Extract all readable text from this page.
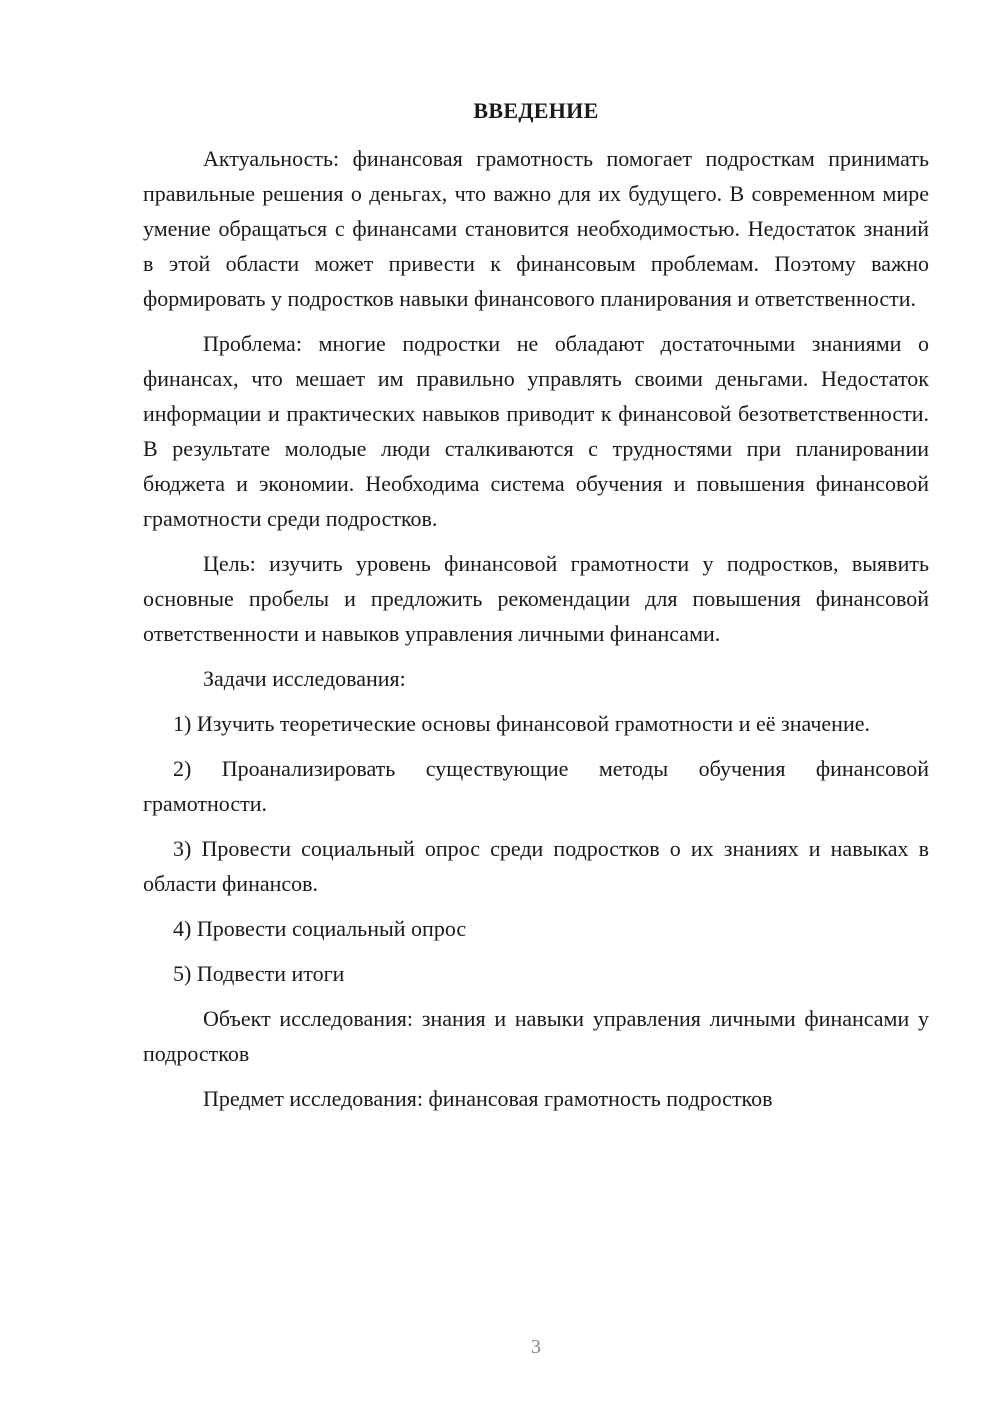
ВВЕДЕНИЕ

Актуальность: финансовая грамотность помогает подросткам принимать правильные решения о деньгах, что важно для их будущего. В современном мире умение обращаться с финансами становится необходимостью. Недостаток знаний в этой области может привести к финансовым проблемам. Поэтому важно формировать у подростков навыки финансового планирования и ответственности.

Проблема: многие подростки не обладают достаточными знаниями о финансах, что мешает им правильно управлять своими деньгами. Недостаток информации и практических навыков приводит к финансовой безответственности. В результате молодые люди сталкиваются с трудностями при планировании бюджета и экономии. Необходима система обучения и повышения финансовой грамотности среди подростков.

Цель: изучить уровень финансовой грамотности у подростков, выявить основные пробелы и предложить рекомендации для повышения финансовой ответственности и навыков управления личными финансами.

Задачи исследования:

1) Изучить теоретические основы финансовой грамотности и её значение.

2) Проанализировать существующие методы обучения финансовой грамотности.

3) Провести социальный опрос среди подростков о их знаниях и навыках в области финансов.

4) Провести социальный опрос

5) Подвести итоги

Объект исследования: знания и навыки управления личными финансами у подростков

Предмет исследования: финансовая грамотность подростков

3
